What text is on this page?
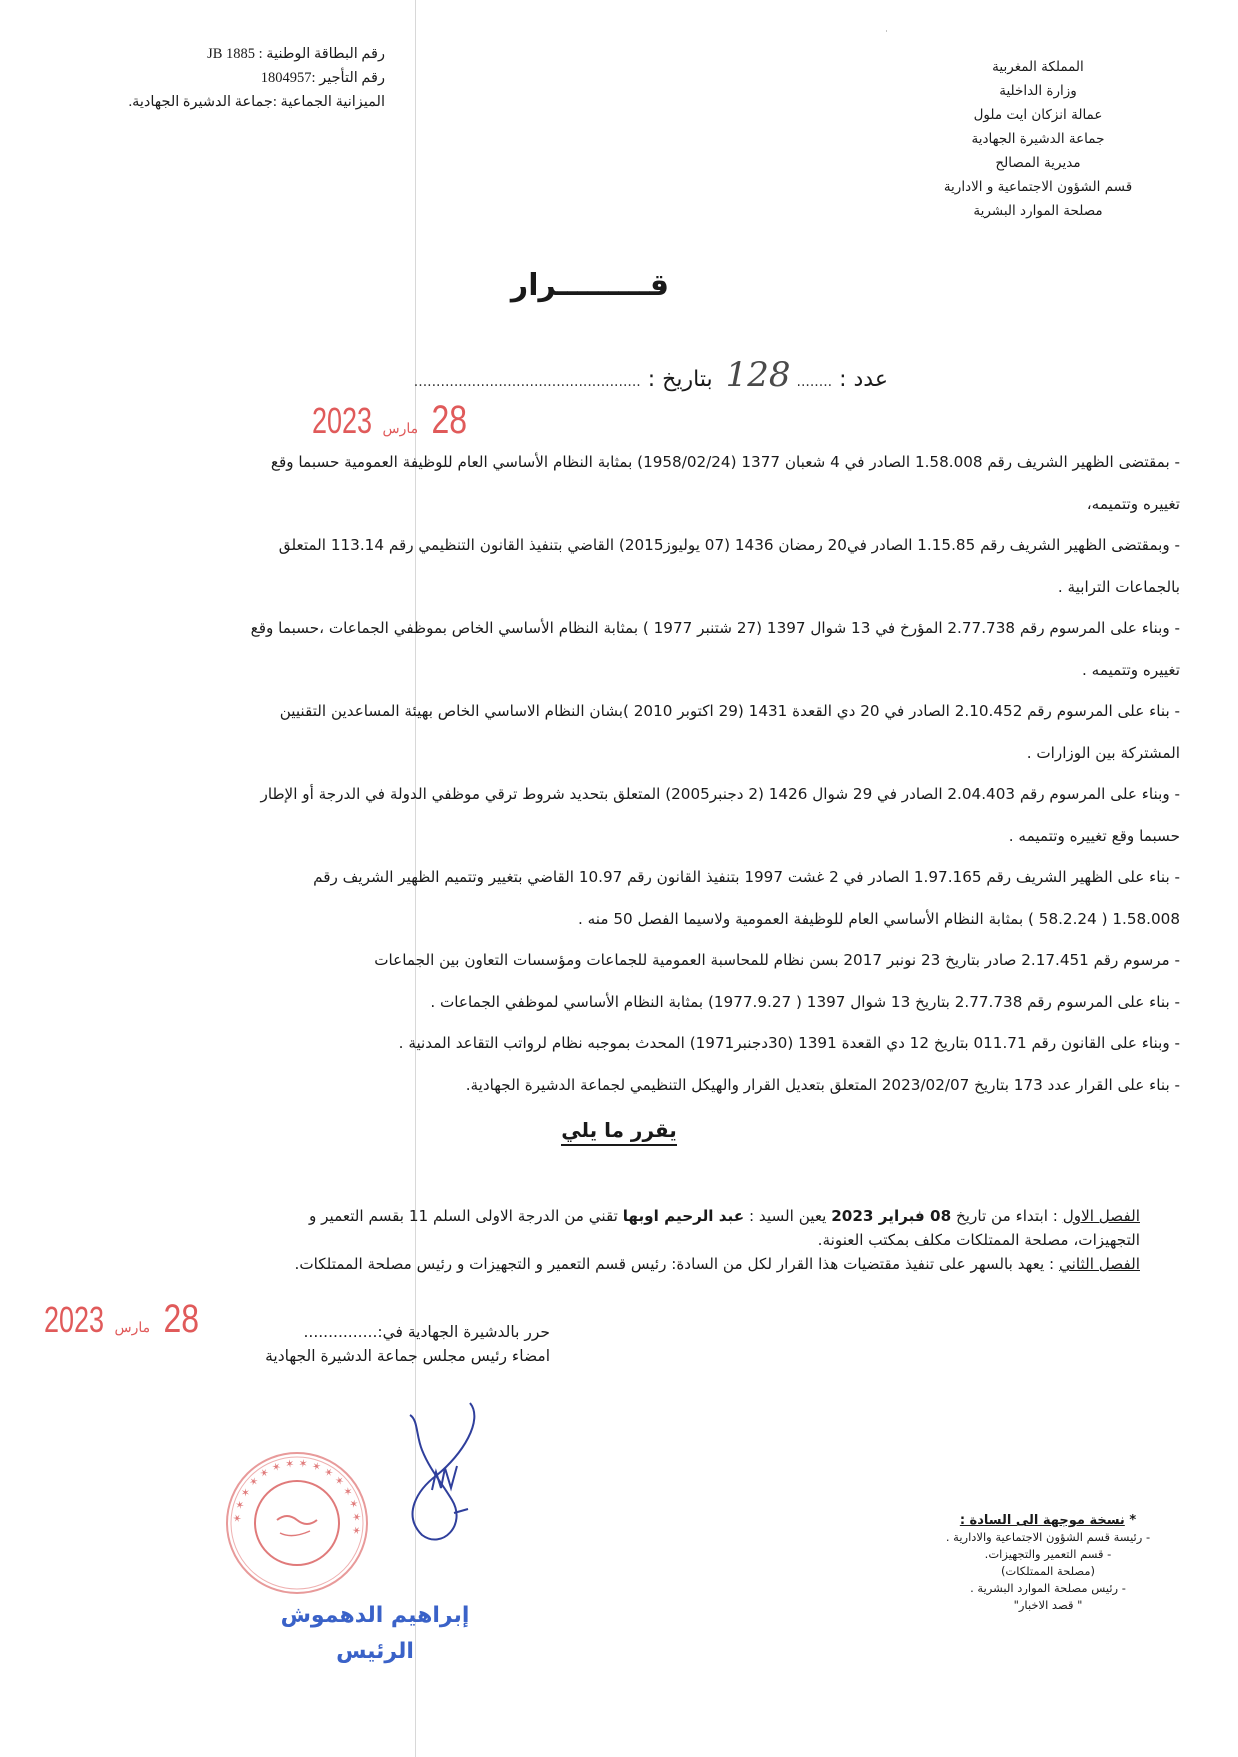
˙
المملكة المغربية
وزارة الداخلية
عمالة انزكان ايت ملول
جماعة الدشيرة الجهادية
مديرية المصالح
قسم الشؤون الاجتماعية و الادارية
مصلحة الموارد البشرية
رقم البطاقة الوطنية : JB 1885
رقم التأجير :1804957
الميزانية الجماعية :جماعة الدشيرة الجهادية.
قـــــــــرار
عدد : ........128 بتاريخ : ...................................................
2023 مارس 28

- بمقتضى الظهير الشريف رقم 1.58.008 الصادر في 4 شعبان 1377 (1958/02/24) بمثابة النظام الأساسي العام للوظيفة العمومية حسبما وقع

تغييره وتتميمه،

- وبمقتضى الظهير الشريف رقم 1.15.85 الصادر في20 رمضان 1436 (07 يوليوز2015) القاضي بتنفيذ القانون التنظيمي رقم 113.14 المتعلق

بالجماعات الترابية .

- وبناء على المرسوم رقم 2.77.738 المؤرخ في 13 شوال 1397 (27 شتنبر 1977 ) بمثابة النظام الأساسي الخاص بموظفي الجماعات ،حسبما وقع

تغييره وتتميمه .

- بناء على المرسوم رقم 2.10.452 الصادر في 20 دي القعدة 1431 (29 اكتوبر 2010 )بشان النظام الاساسي الخاص بهيئة المساعدين التقنيين

المشتركة بين الوزارات .

- وبناء على المرسوم رقم 2.04.403 الصادر في 29 شوال 1426 (2 دجنبر2005) المتعلق بتحديد شروط ترقي موظفي الدولة في الدرجة أو الإطار

حسبما وقع تغييره وتتميمه .

- بناء على الظهير الشريف رقم 1.97.165 الصادر في 2 غشت 1997 بتنفيذ القانون رقم 10.97 القاضي بتغيير وتتميم الظهير الشريف رقم

1.58.008 ( 58.2.24 ) بمثابة النظام الأساسي العام للوظيفة العمومية ولاسيما الفصل 50 منه .

- مرسوم رقم 2.17.451 صادر بتاريخ 23 نونبر 2017 بسن نظام للمحاسبة العمومية للجماعات ومؤسسات التعاون بين الجماعات

- بناء على المرسوم رقم 2.77.738 بتاريخ 13 شوال 1397 ( 1977.9.27) بمثابة النظام الأساسي لموظفي الجماعات .

- وبناء على القانون رقم 011.71 بتاريخ 12 دي القعدة 1391 (30دجنبر1971) المحدث بموجبه نظام لرواتب التقاعد المدنية .

- بناء على القرار عدد 173 بتاريخ 2023/02/07 المتعلق بتعديل القرار والهيكل التنظيمي لجماعة الدشيرة الجهادية.

يقرر ما يلي

الفصل الاول : ابتداء من تاريخ 08 فبراير 2023 يعين السيد : عبد الرحيم اوبها تقني من الدرجة الاولى السلم 11 بقسم التعمير و

التجهيزات، مصلحة الممتلكات مكلف بمكتب العنونة.

الفصل الثاني : يعهد بالسهر على تنفيذ مقتضيات هذا القرار لكل من السادة: رئيس قسم التعمير و التجهيزات و رئيس مصلحة الممتلكات.

2023 مارس 28	حرر بالدشيرة الجهادية في:...............
امضاء رئيس مجلس جماعة الدشيرة الجهادية
✶ ✶ ✶ ✶ ✶ ✶ ✶ ✶ ✶ ✶ ✶ ✶ ✶ ✶ ✶
إبراهيم الدهموش
الرئيس
* نسخة موجهة الى السادة :
- رئيسة قسم الشؤون الاجتماعية والادارية .
- قسم التعمير والتجهيزات.
(مصلحة الممتلكات)
- رئيس مصلحة الموارد البشرية .
" قصد الاخبار"
